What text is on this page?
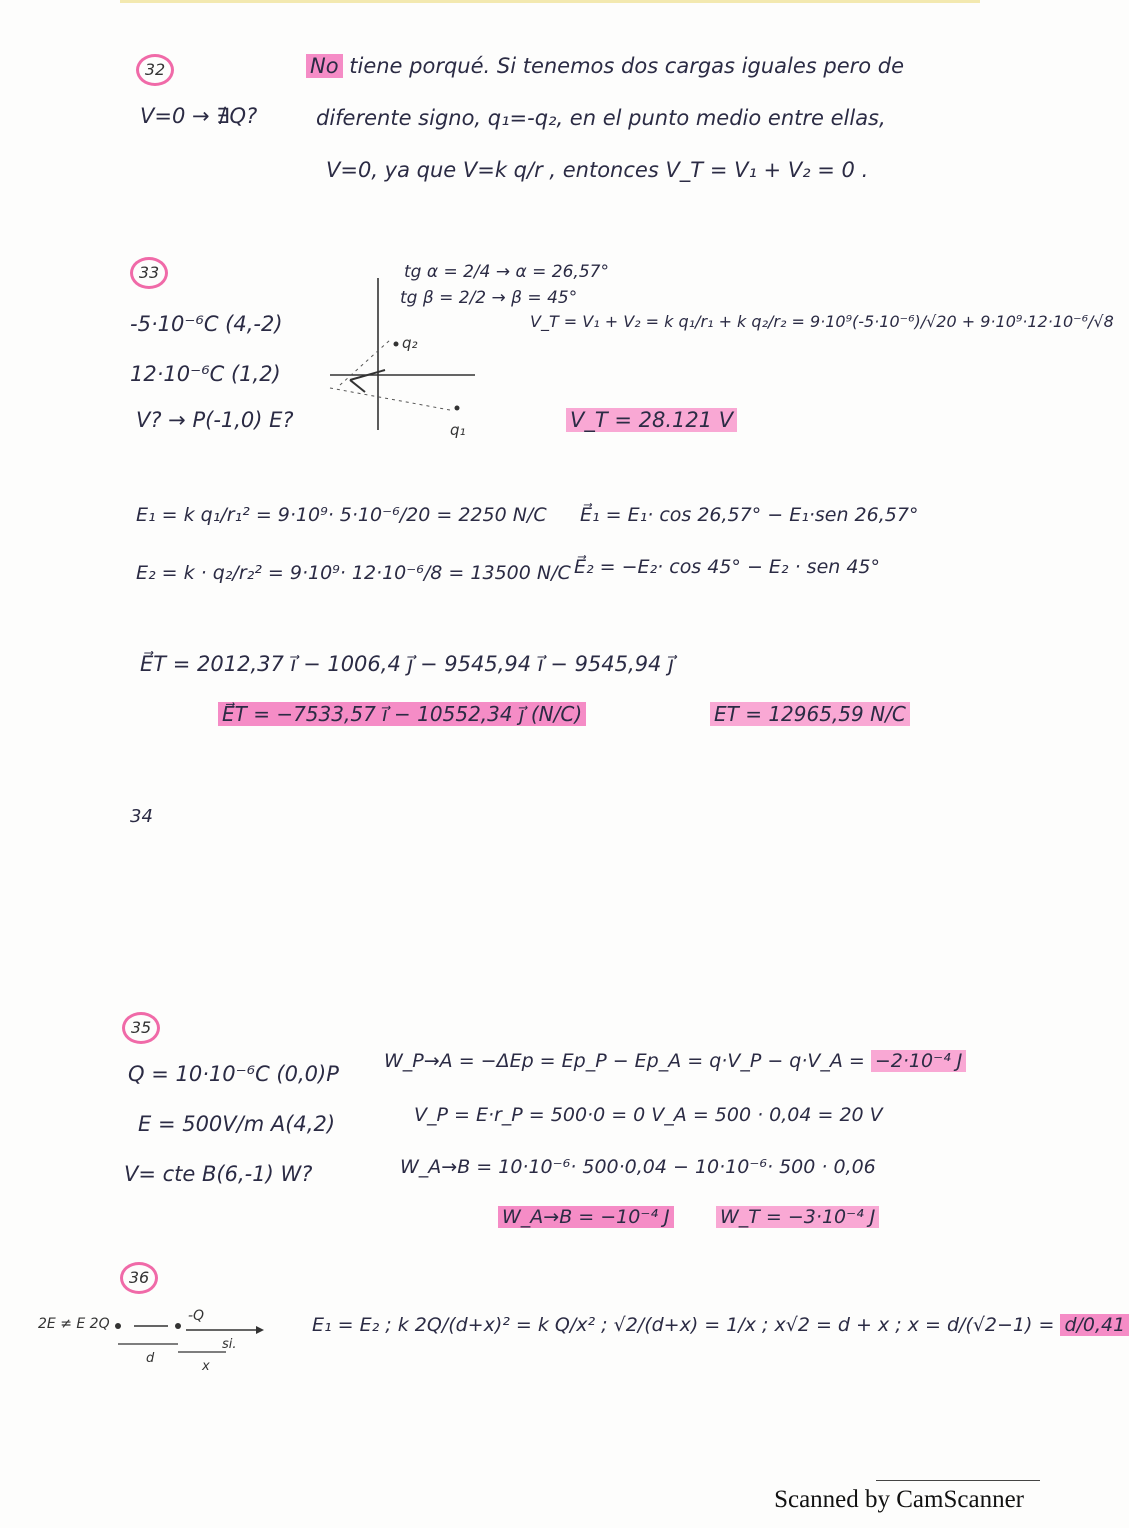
32
V=0 → ∄Q?
No tiene porqué. Si tenemos dos cargas iguales pero de
diferente signo, q₁=-q₂, en el punto medio entre ellas,
V=0, ya que V=k q/r , entonces V_T = V₁ + V₂ = 0 .
33
-5·10⁻⁶C (4,-2)
12·10⁻⁶C (1,2)
V? → P(-1,0) E?
q₂
q₁
tg α = 2/4 → α = 26,57°
tg β = 2/2 → β = 45°
V_T = V₁ + V₂ = k q₁/r₁ + k q₂/r₂ = 9·10⁹(-5·10⁻⁶)/√20 + 9·10⁹·12·10⁻⁶/√8
V_T = 28.121 V
E₁ = k q₁/r₁² = 9·10⁹· 5·10⁻⁶/20 = 2250 N/C E⃗₁ = E₁· cos 26,57° − E₁·sen 26,57°
E₂ = k · q₂/r₂² = 9·10⁹· 12·10⁻⁶/8 = 13500 N/C E⃗₂ = −E₂· cos 45° − E₂ · sen 45°
E⃗T = 2012,37 i⃗ − 1006,4 j⃗ − 9545,94 i⃗ − 9545,94 j⃗
E⃗T = −7533,57 i⃗ − 10552,34 j⃗ (N/C)	ET = 12965,59 N/C
34
35
Q = 10·10⁻⁶C (0,0)P
E = 500V/m A(4,2)
V= cte B(6,-1) W?
W_P→A = −ΔEp = Ep_P − Ep_A = q·V_P − q·V_A = −2·10⁻⁴ J
V_P = E·r_P = 500·0 = 0 V_A = 500 · 0,04 = 20 V
W_A→B = 10·10⁻⁶· 500·0,04 − 10·10⁻⁶· 500 · 0,06
W_A→B = −10⁻⁴ J	W_T = −3·10⁻⁴ J
36
2E ≠ E 2Q	-Q
si.
d
x
E₁ = E₂ ; k 2Q/(d+x)² = k Q/x² ; √2/(d+x) = 1/x ; x√2 = d + x ; x = d/(√2−1) = d/0,41
Scanned by CamScanner
